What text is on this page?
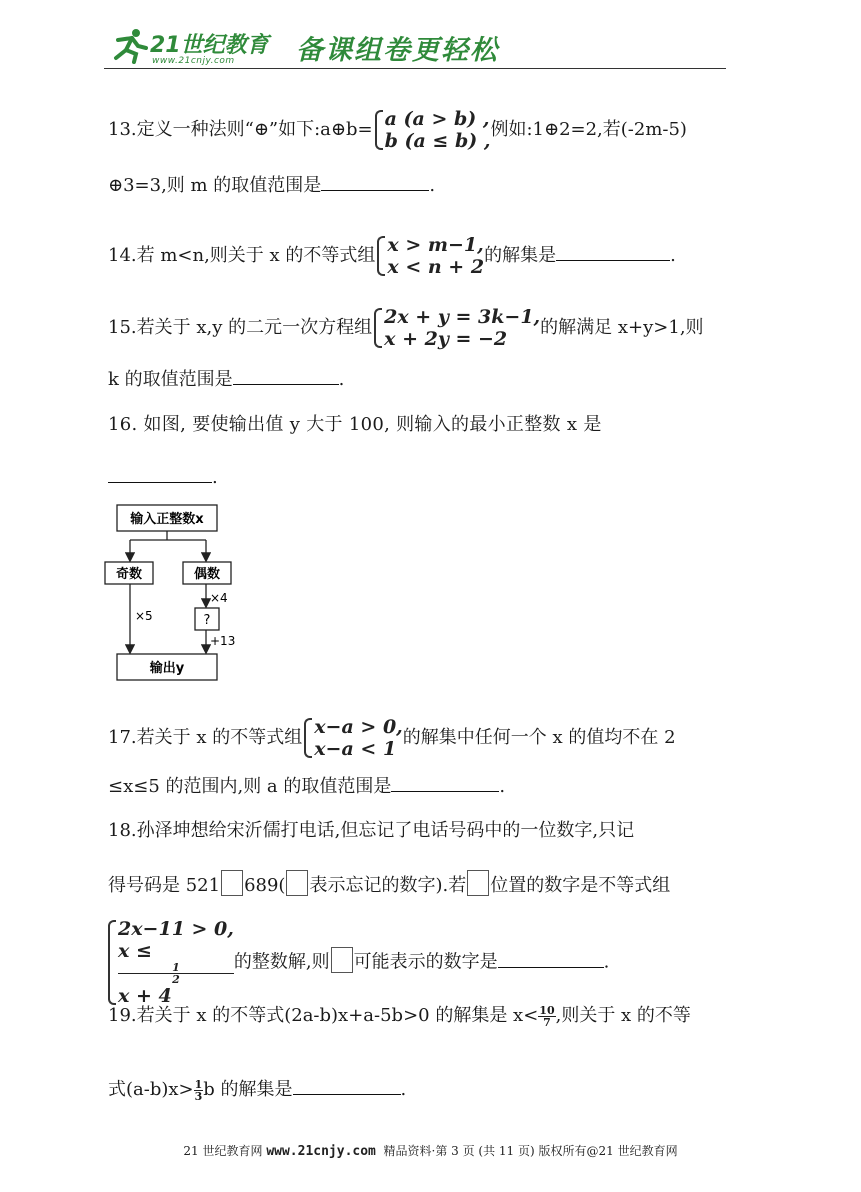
21世纪教育
www.21cnjy.com 备课组卷更轻松
13.定义一种法则“⊕”如下:a⊕b= a (a > b) ,
b (a ≤ b) ,
例如:1⊕2=2,若(-2m-5)
⊕3=3,则 m 的取值范围是	.
14.若 m<n,则关于 x 的不等式组 x > m−1,
x < n + 2
的解集是	.
15.若关于 x,y 的二元一次方程组 2x + y = 3k−1,
x + 2y = −2
的解满足 x+y>1,则
k 的取值范围是	.
16. 如图, 要使输出值 y 大于 100, 则输入的最小正整数 x 是
.
输入正整数x
奇数	偶数
×4
?
+13
×5
输出y
17.若关于 x 的不等式组 x−a > 0,
x−a < 1
的解集中任何一个 x 的值均不在 2
≤x≤5 的范围内,则 a 的取值范围是	.
18.孙泽坤想给宋沂儒打电话,但忘记了电话号码中的一位数字,只记
得号码是 521 689( 表示忘记的数字).若 位置的数字是不等式组
2x−11 > 0,
x ≤
1
2
x + 4
的整数解,则 可能表示的数字是	.
19.若关于 x 的不等式(2a-b)x+a-5b>0 的解集是 $x< \frac{10}{7}$ ,则关于 x 的不等
式$(a-b)x> \frac{1}{3}$ b 的解集是	.
21 世纪教育网 www.21cnjy.com 精品资料·第 3 页 (共 11 页) 版权所有@21 世纪教育网
